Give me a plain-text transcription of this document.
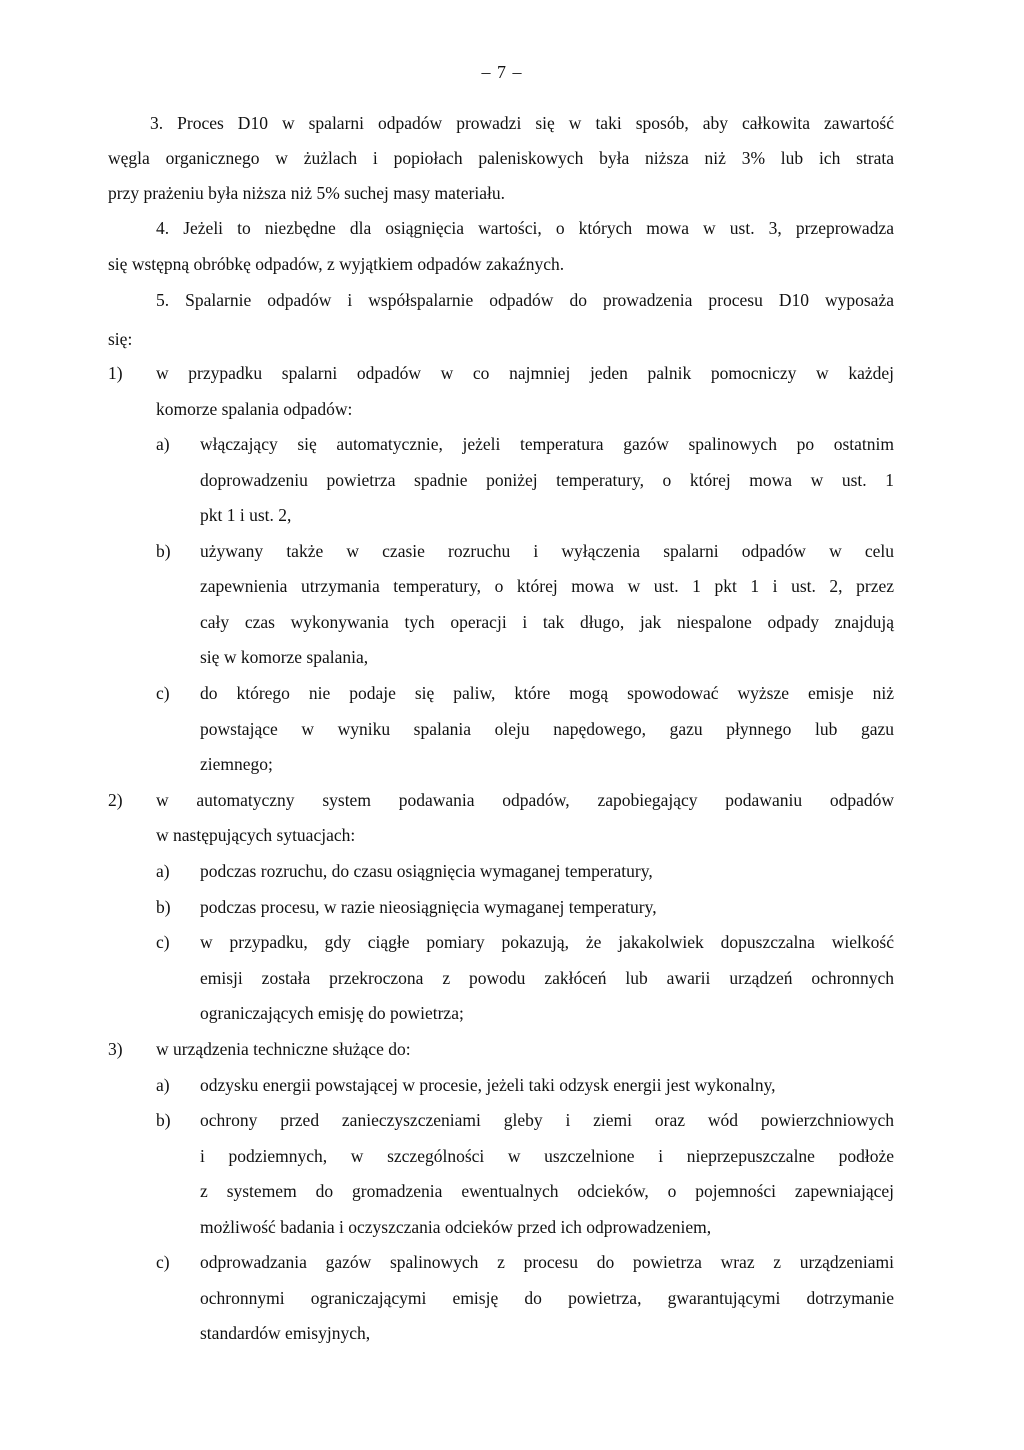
– 7 –
3. Proces D10 w spalarni odpadów prowadzi się w taki sposób, aby całkowita zawartość
węgla organicznego w żużlach i popiołach paleniskowych była niższa niż 3% lub ich strata
przy prażeniu była niższa niż 5% suchej masy materiału.
4. Jeżeli to niezbędne dla osiągnięcia wartości, o których mowa w ust. 3, przeprowadza
się wstępną obróbkę odpadów, z wyjątkiem odpadów zakaźnych.
5. Spalarnie odpadów i współspalarnie odpadów do prowadzenia procesu D10 wyposaża
się:
1) w przypadku spalarni odpadów w co najmniej jeden palnik pomocniczy w każdej
komorze spalania odpadów:
a) włączający się automatycznie, jeżeli temperatura gazów spalinowych po ostatnim
doprowadzeniu powietrza spadnie poniżej temperatury, o której mowa w ust. 1
pkt 1 i ust. 2,
b) używany także w czasie rozruchu i wyłączenia spalarni odpadów w celu
zapewnienia utrzymania temperatury, o której mowa w ust. 1 pkt 1 i ust. 2, przez
cały czas wykonywania tych operacji i tak długo, jak niespalone odpady znajdują
się w komorze spalania,
c) do którego nie podaje się paliw, które mogą spowodować wyższe emisje niż
powstające w wyniku spalania oleju napędowego, gazu płynnego lub gazu
ziemnego;
2) w automatyczny system podawania odpadów, zapobiegający podawaniu odpadów
w następujących sytuacjach:
a) podczas rozruchu, do czasu osiągnięcia wymaganej temperatury,
b) podczas procesu, w razie nieosiągnięcia wymaganej temperatury,
c) w przypadku, gdy ciągłe pomiary pokazują, że jakakolwiek dopuszczalna wielkość
emisji została przekroczona z powodu zakłóceń lub awarii urządzeń ochronnych
ograniczających emisję do powietrza;
3) w urządzenia techniczne służące do:
a) odzysku energii powstającej w procesie, jeżeli taki odzysk energii jest wykonalny,
b) ochrony przed zanieczyszczeniami gleby i ziemi oraz wód powierzchniowych
i podziemnych, w szczególności w uszczelnione i nieprzepuszczalne podłoże
z systemem do gromadzenia ewentualnych odcieków, o pojemności zapewniającej
możliwość badania i oczyszczania odcieków przed ich odprowadzeniem,
c) odprowadzania gazów spalinowych z procesu do powietrza wraz z urządzeniami
ochronnymi ograniczającymi emisję do powietrza, gwarantującymi dotrzymanie
standardów emisyjnych,
